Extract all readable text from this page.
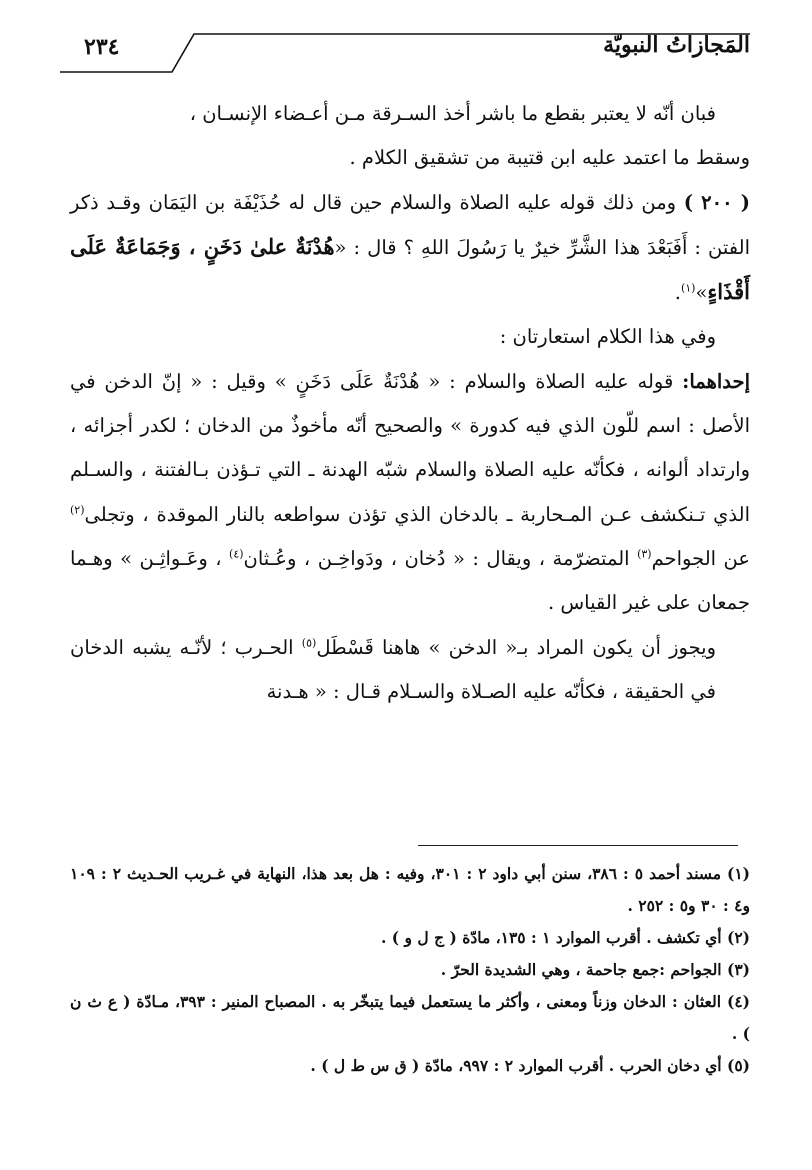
المَجازاتُ النبويّة
٢٣٤

فبان أنّه لا يعتبر بقطع ما باشر أخذ السـرقة مـن أعـضاء الإنسـان ،

وسقط ما اعتمد عليه ابن قتيبة من تشقيق الكلام .

( ٢٠٠ ) ومن ذلك قوله عليه الصلاة والسلام حين قال له حُذَيْفَة بن اليَمَان وقـد ذكر الفتن : أَفَبَعْدَ هذا الشَّرِّ خيرٌ يا رَسُولَ اللهِ ؟ قال : «هُدْنَةٌ علىٰ دَخَنٍ ، وَجَمَاعَةٌ عَلَى أَقْذَاءٍ»$^{(١)}$.

وفي هذا الكلام استعارتان :

إحداهما: قوله عليه الصلاة والسلام : « هُدْنَةٌ عَلَى دَخَنٍ » وقيل : « إنّ الدخن في الأصل : اسم للّون الذي فيه كدورة » والصحيح أنّه مأخوذٌ من الدخان ؛ لكدر أجزائه ، وارتداد ألوانه ، فكأنّه عليه الصلاة والسلام شبّه الهدنة ـ التي تـؤذن بـالفتنة ، والسـلم الذي تـنكشف عـن المـحاربة ـ بالدخان الذي تؤذن سواطعه بالنار الموقدة ، وتجلى$^{(٢)}$ عن الجواحم$^{(٣)}$ المتضرّمة ، ويقال : « دُخان ، ودَواخِـن ، وعُـثان$^{(٤)}$ ، وعَـواثِـن » وهـما جمعان على غير القياس .

ويجوز أن يكون المراد بـ« الدخن » هاهنا قَسْطَل$^{(٥)}$ الحـرب ؛ لأنّـه يشبه الدخان في الحقيقة ، فكأنّه عليه الصـلاة والسـلام قـال : « هـدنة

(١) مسند أحمد ٥ : ٣٨٦، سنن أبي داود ٢ : ٣٠١، وفيه : هل بعد هذا، النهاية في غـريب الحـديث ٢ : ١٠٩ و٤ : ٣٠ و٥ : ٢٥٢ .

(٢) أي تكشف . أقرب الموارد ١ : ١٣٥، مادّة ( ج ل و ) .

(٣) الجواحم :جمع جاحمة ، وهي الشديدة الحرّ .

(٤) العثان : الدخان وزناً ومعنى ، وأكثر ما يستعمل فيما يتبخّر به . المصباح المنير : ٣٩٣، مـادّة ( ع ث ن ) .

(٥) أي دخان الحرب . أقرب الموارد ٢ : ٩٩٧، مادّة ( ق س ط ل ) .
